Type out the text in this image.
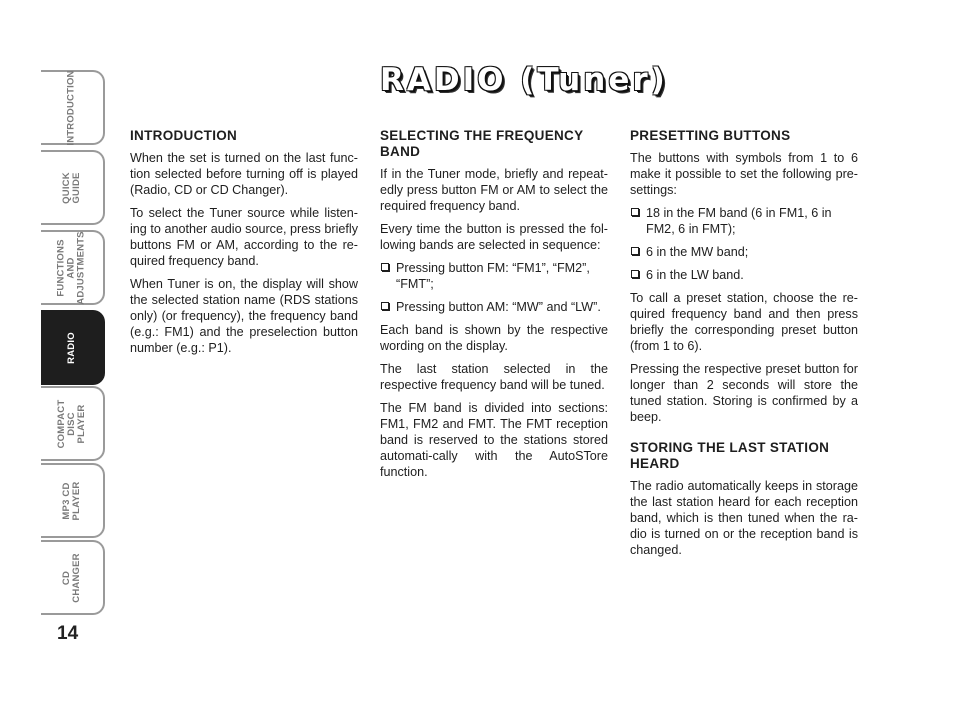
INTRODUCTION
QUICK
GUIDE
FUNCTIONS AND
ADJUSTMENTS
RADIO
COMPACT
DISC PLAYER
MP3 CD
PLAYER
CD
CHANGER
14
RADIO (Tuner)
INTRODUCTION
When the set is turned on the last func-tion selected before turning off is played (Radio, CD or CD Changer).
To select the Tuner source while listen-ing to another audio source, press briefly buttons FM or AM, according to the re-quired frequency band.
When Tuner is on, the display will show the selected station name (RDS stations only) (or frequency), the frequency band (e.g.: FM1) and the preselection button number (e.g.: P1).
SELECTING THE FREQUENCY BAND
If in the Tuner mode, briefly and repeat-edly press button FM or AM to select the required frequency band.
Every time the button is pressed the fol-lowing bands are selected in sequence:
Pressing button FM: “FM1”, “FM2”, “FMT”;
Pressing button AM: “MW” and “LW”.
Each band is shown by the respective wording on the display.
The last station selected in the respective frequency band will be tuned.
The FM band is divided into sections: FM1, FM2 and FMT. The FMT reception band is reserved to the stations stored automati-cally with the AutoSTore function.
PRESETTING BUTTONS
The buttons with symbols from 1 to 6 make it possible to set the following pre-settings:
18 in the FM band (6 in FM1, 6 in FM2, 6 in FMT);
6 in the MW band;
6 in the LW band.
To call a preset station, choose the re-quired frequency band and then press briefly the corresponding preset button (from 1 to 6).
Pressing the respective preset button for longer than 2 seconds will store the tuned station. Storing is confirmed by a beep.
STORING THE LAST STATION HEARD
The radio automatically keeps in storage the last station heard for each reception band, which is then tuned when the ra-dio is turned on or the reception band is changed.
